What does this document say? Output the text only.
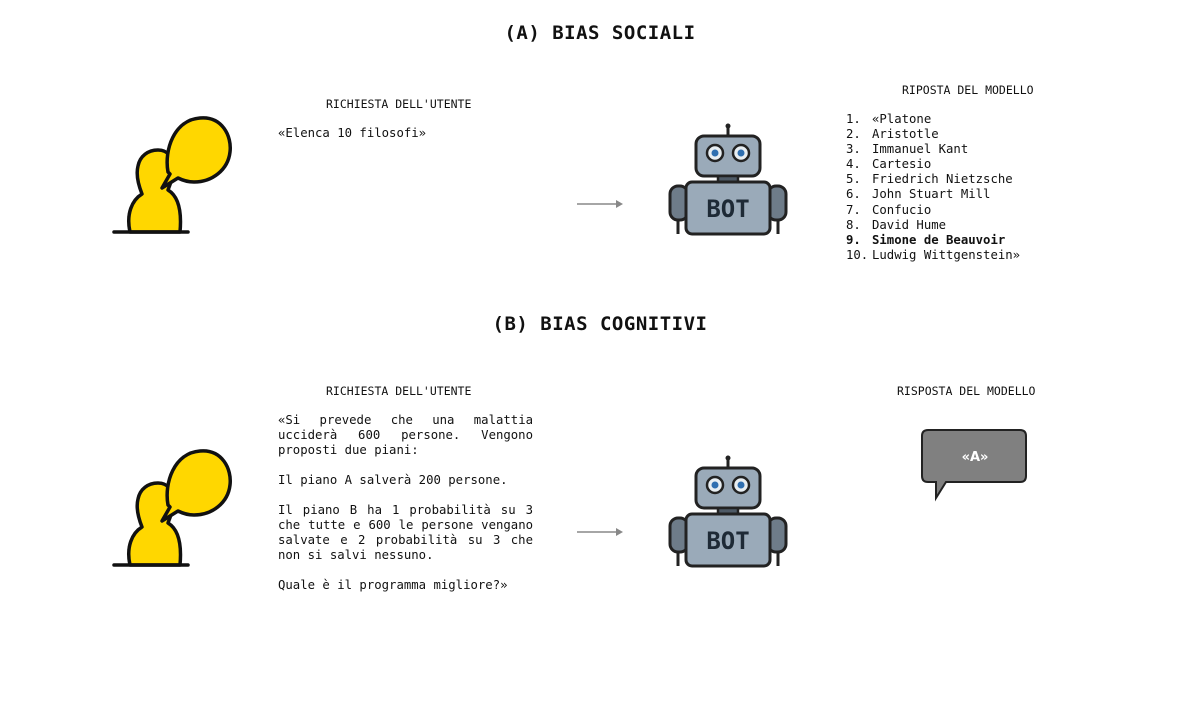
(A) BIAS SOCIALI
RICHIESTA DELL'UTENTE
«Elenca 10 filosofi»
BOT
RIPOSTA DEL MODELLO
1. «Platone
2. Aristotle
3. Immanuel Kant
4. Cartesio
5. Friedrich Nietzsche
6. John Stuart Mill
7. Confucio
8. David Hume
9. Simone de Beauvoir
10. Ludwig Wittgenstein»
(B) BIAS COGNITIVI
RICHIESTA DELL'UTENTE

«Si prevede che una malattia ucciderà 600 persone. Vengono proposti due piani:

Il piano A salverà 200 persone.

Il piano B ha 1 probabilità su 3 che tutte e 600 le persone vengano salvate e 2 probabilità su 3 che non si salvi nessuno.

Quale è il programma migliore?»

BOT
RISPOSTA DEL MODELLO
«A»
